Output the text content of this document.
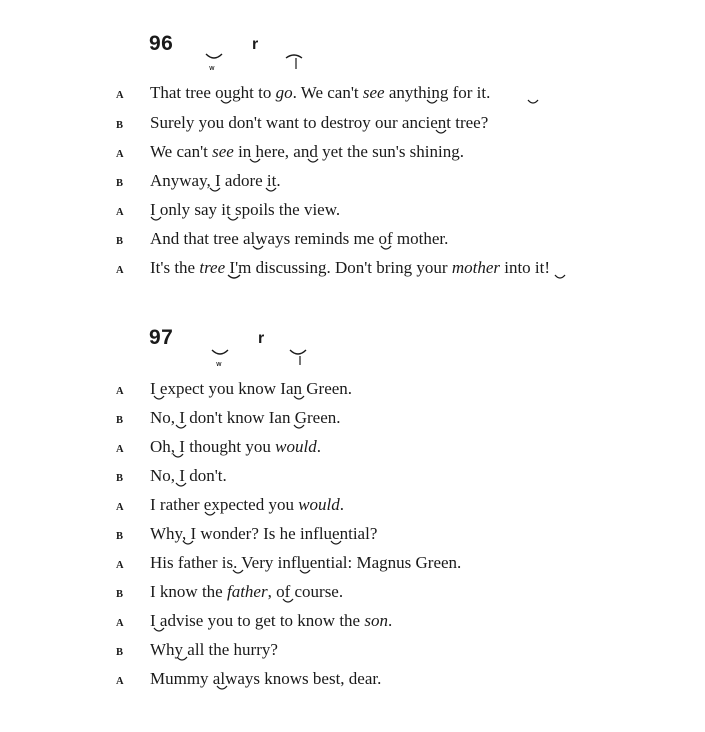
96
w
r
A That tree ought to go. We can't see anything for it.
B Surely you don't want to destroy our ancient tree?
A We can't see in here, and yet the sun's shining.
B Anyway, I adore it.
A I only say it spoils the view.
B And that tree always reminds me of mother.
A It's the tree I'm discussing. Don't bring your mother into it!
97
w
r
A I expect you know Ian Green.
B No, I don't know Ian Green.
A Oh, I thought you would.
B No, I don't.
A I rather expected you would.
B Why, I wonder? Is he influential?
A His father is. Very influential: Magnus Green.
B I know the father, of course.
A I advise you to get to know the son.
B Why all the hurry?
A Mummy always knows best, dear.
